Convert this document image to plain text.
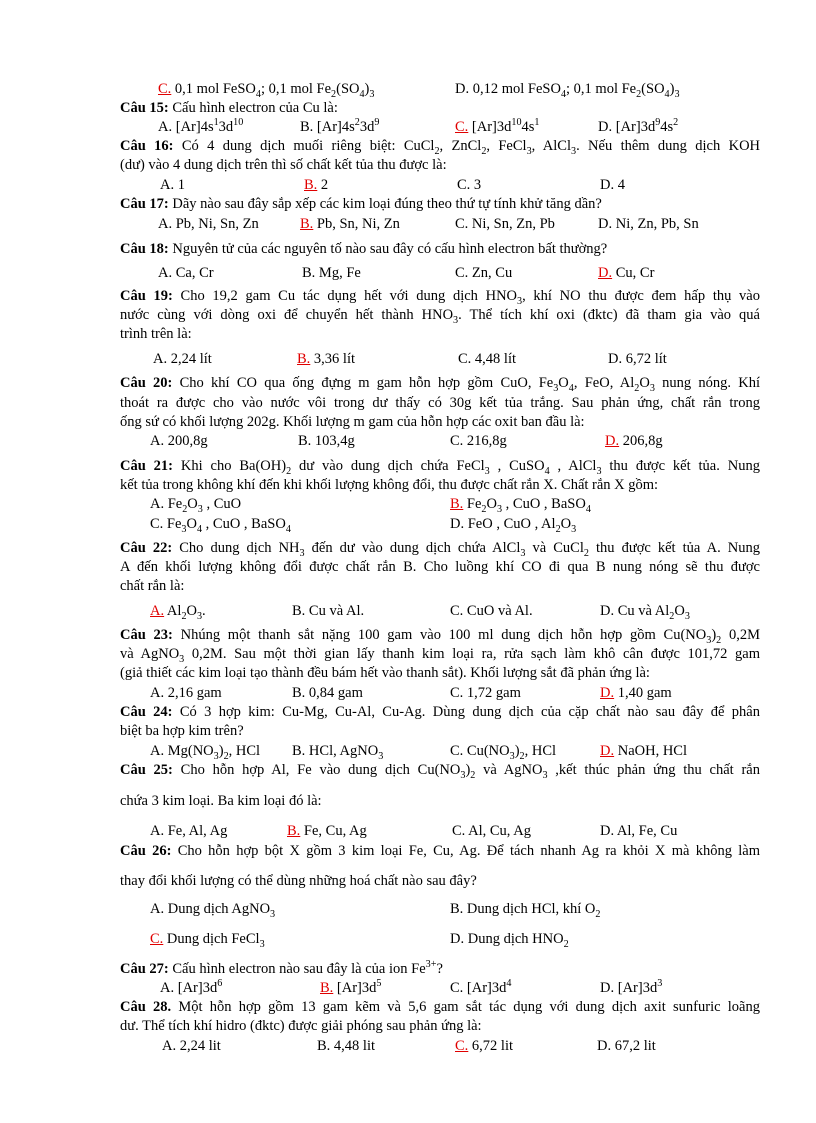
C. 0,1 mol FeSO$_4$; 0,1 mol $Fe_2(SO_4)_3$	D. 0,12 mol FeSO$_4$; 0,1 mol $Fe_2(SO_4)_3$
Câu 15: Cấu hình electron của Cu là:
A. $[Ar]4s^13d^{10}$	B. $[Ar]4s^23d^9$	C. $[Ar]3d^{10}4s^1$	D. $[Ar]3d^94s^2$
Câu 16: Có 4 dung dịch muối riêng biệt: CuCl$_2$, ZnCl$_2$, FeCl$_3$, AlCl$_3$. Nếu thêm dung dịch KOH
(dư) vào 4 dung dịch trên thì số chất kết tủa thu được là:
A. 1	B. 2	C. 3	D. 4
Câu 17: Dãy nào sau đây sắp xếp các kim loại đúng theo thứ tự tính khử tăng dần?
A. Pb, Ni, Sn, Zn	B. Pb, Sn, Ni, Zn	C. Ni, Sn, Zn, Pb	D. Ni, Zn, Pb, Sn
Câu 18: Nguyên tử của các nguyên tố nào sau đây có cấu hình electron bất thường?
A. Ca, Cr	B. Mg, Fe	C. Zn, Cu	D. Cu, Cr
Câu 19: Cho 19,2 gam Cu tác dụng hết với dung dịch $HNO_3$, khí NO thu được đem hấp thụ vào
nước cùng với dòng oxi để chuyển hết thành $HNO_3$. Thể tích khí oxi (đktc) đã tham gia vào quá
trình trên là:
A. 2,24 lít	B. 3,36 lít	C. 4,48 lít	D. 6,72 lít
Câu 20: Cho khí CO qua ống đựng m gam hỗn hợp gồm CuO, $Fe_3O_4$, FeO, $Al_2O_3$ nung nóng. Khí
thoát ra được cho vào nước vôi trong dư thấy có 30g kết tủa trắng. Sau phản ứng, chất rắn trong
ống sứ có khối lượng 202g. Khối lượng m gam của hỗn hợp các oxit ban đầu là:
A. 200,8g	B. 103,4g	C. 216,8g	D. 206,8g
Câu 21: Khi cho $Ba(OH)_2$ dư vào dung dịch chứa FeCl$_3$ , CuSO$_4$ , AlCl$_3$ thu được kết tủa. Nung
kết tủa trong không khí đến khi khối lượng không đổi, thu được chất rắn X. Chất rắn X gồm:
A. $Fe_2O_3$ , CuO	B. $Fe_2O_3$ , CuO , BaSO$_4$
C. $Fe_3O_4$ , CuO , BaSO$_4$	D. FeO , CuO , $Al_2O_3$
Câu 22: Cho dung dịch $NH_3$ đến dư vào dung dịch chứa AlCl$_3$ và CuCl$_2$ thu được kết tủa A. Nung
A đến khối lượng không đổi được chất rắn B. Cho luồng khí CO đi qua B nung nóng sẽ thu được
chất rắn là:
A. $Al_2O_3$.	B. Cu và Al.	C. CuO và Al.	D. Cu và $Al_2O_3$
Câu 23: Nhúng một thanh sắt nặng 100 gam vào 100 ml dung dịch hỗn hợp gồm $Cu(NO_3)_2$ 0,2M
và AgNO$_3$ 0,2M. Sau một thời gian lấy thanh kim loại ra, rửa sạch làm khô cân được 101,72 gam
(giả thiết các kim loại tạo thành đều bám hết vào thanh sắt). Khối lượng sắt đã phản ứng là:
A. 2,16 gam	B. 0,84 gam	C. 1,72 gam	D. 1,40 gam
Câu 24: Có 3 hợp kim: Cu-Mg, Cu-Al, Cu-Ag. Dùng dung dịch của cặp chất nào sau đây để phân
biệt ba hợp kim trên?
A. $Mg(NO_3)_2$, HCl B. HCl, AgNO$_3$	C. $Cu(NO_3)_2$, HCl	D. NaOH, HCl
Câu 25: Cho hỗn hợp Al, Fe vào dung dịch $Cu(NO_3)_2$ và AgNO$_3$ ,kết thúc phản ứng thu chất rắn
chứa 3 kim loại. Ba kim loại đó là:
A. Fe, Al, Ag	B. Fe, Cu, Ag	C. Al, Cu, Ag	D. Al, Fe, Cu
Câu 26: Cho hỗn hợp bột X gồm 3 kim loại Fe, Cu, Ag. Để tách nhanh Ag ra khỏi X mà không làm
thay đổi khối lượng có thể dùng những hoá chất nào sau đây?
A. Dung dịch AgNO$_3$	B. Dung dịch HCl, khí $O_2$
C. Dung dịch FeCl$_3$	D. Dung dịch $HNO_2$
Câu 27: Cấu hình electron nào sau đây là của ion $Fe^{3+}$?
A. $[Ar]3d^6$	B. $[Ar]3d^5$	C. $[Ar]3d^4$	D. $[Ar]3d^3$
Câu 28. Một hỗn hợp gồm 13 gam kẽm và 5,6 gam sắt tác dụng với dung dịch axit sunfuric loãng
dư. Thể tích khí hidro (đktc) được giải phóng sau phản ứng là:
A. 2,24 lit	B. 4,48 lit	C. 6,72 lit	D. 67,2 lit
